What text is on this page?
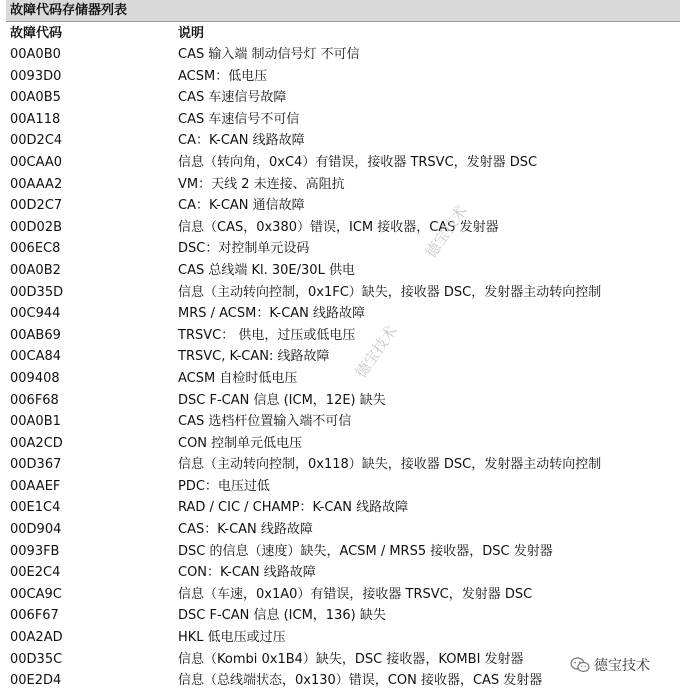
故障代码存储器列表
故障代码	说明
00A0B0	CAS 输入端 制动信号灯 不可信
0093D0	ACSM：低电压
00A0B5	CAS 车速信号故障
00A118	CAS 车速信号不可信
00D2C4	CA：K-CAN 线路故障
00CAA0	信息（转向角，0xC4）有错误，接收器 TRSVC，发射器 DSC
00AAA2	VM：天线 2 未连接、高阻抗
00D2C7	CA：K-CAN 通信故障
00D02B	信息（CAS，0x380）错误，ICM 接收器，CAS 发射器
006EC8	DSC：对控制单元设码
00A0B2	CAS 总线端 Kl. 30E/30L 供电
00D35D	信息（主动转向控制，0x1FC）缺失，接收器 DSC，发射器主动转向控制
00C944	MRS / ACSM：K-CAN 线路故障
00AB69	TRSVC： 供电，过压或低电压
00CA84	TRSVC, K-CAN: 线路故障
009408	ACSM 自检时低电压
006F68	DSC F-CAN 信息 (ICM，12E) 缺失
00A0B1	CAS 选档杆位置输入端不可信
00A2CD	CON 控制单元低电压
00D367	信息（主动转向控制，0x118）缺失，接收器 DSC，发射器主动转向控制
00AAEF	PDC：电压过低
00E1C4	RAD / CIC / CHAMP：K-CAN 线路故障
00D904	CAS：K-CAN 线路故障
0093FB	DSC 的信息（速度）缺失，ACSM / MRS5 接收器，DSC 发射器
00E2C4	CON：K-CAN 线路故障
00CA9C	信息（车速，0x1A0）有错误，接收器 TRSVC，发射器 DSC
006F67	DSC F-CAN 信息 (ICM，136) 缺失
00A2AD	HKL 低电压或过压
00D35C	信息（Kombi 0x1B4）缺失，DSC 接收器，KOMBI 发射器
00E2D4	信息（总线端状态，0x130）错误，CON 接收器，CAS 发射器
德宝技术
德宝技术
德宝技术
